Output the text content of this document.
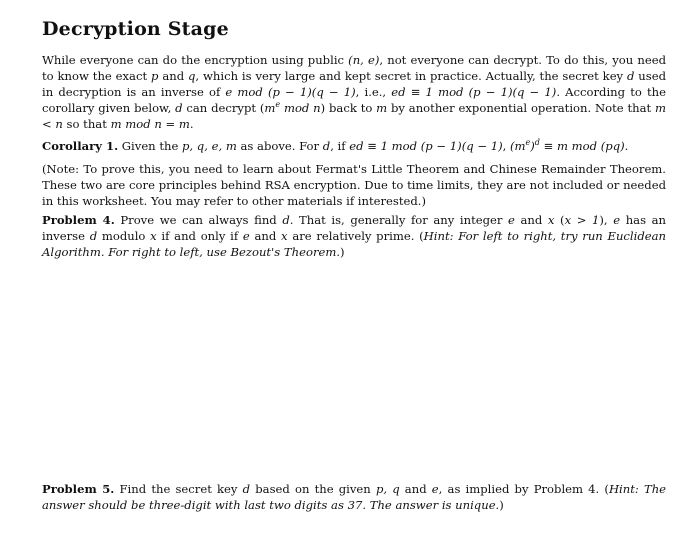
Decryption Stage
While everyone can do the encryption using public (n, e), not everyone can decrypt. To do this, you need to know the exact p and q, which is very large and kept secret in practice. Actually, the secret key d used in decryption is an inverse of e mod (p − 1)(q − 1), i.e., ed ≡ 1 mod (p − 1)(q − 1). According to the corollary given below, d can decrypt ($m^e$ mod n) back to m by another exponential operation. Note that m < n so that m mod n = m.
Corollary 1. Given the p, q, e, m as above. For d, if ed ≡ 1 mod (p − 1)(q − 1), $(m^e)^d \equiv m$ mod (pq).
(Note: To prove this, you need to learn about Fermat's Little Theorem and Chinese Remainder Theorem. These two are core principles behind RSA encryption. Due to time limits, they are not included or needed in this worksheet. You may refer to other materials if interested.)
Problem 4. Prove we can always find d. That is, generally for any integer e and x (x > 1), e has an inverse d modulo x if and only if e and x are relatively prime. (Hint: For left to right, try run Euclidean Algorithm. For right to left, use Bezout's Theorem.)
Problem 5. Find the secret key d based on the given p, q and e, as implied by Problem 4. (Hint: The answer should be three-digit with last two digits as 37. The answer is unique.)
